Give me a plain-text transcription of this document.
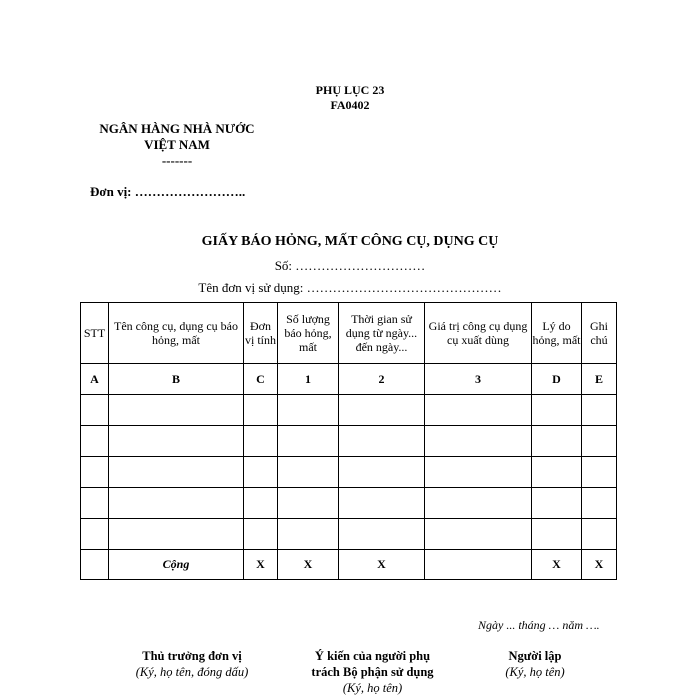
PHỤ LỤC 23
FA0402
NGÂN HÀNG NHÀ NƯỚC
VIỆT NAM
-------
Đơn vị: ……………………..
GIẤY BÁO HỎNG, MẤT CÔNG CỤ, DỤNG CỤ
Số: …………………………
Tên đơn vị sử dụng: ………………………………………
STT	Tên công cụ, dụng cụ báo hỏng, mất	Đơn vị tính	Số lượng báo hỏng, mất	Thời gian sử dụng từ ngày... đến ngày...	Giá trị công cụ dụng cụ xuất dùng	Lý do hỏng, mất	Ghi chú
A	B	C	1	2	3	D	E

	Cộng	X	X	X		X	X
Ngày ... tháng … năm ….
Thủ trưởng đơn vị
(Ký, họ tên, đóng dấu)
Ý kiến của người phụ
trách Bộ phận sử dụng
(Ký, họ tên)
Người lập
(Ký, họ tên)
